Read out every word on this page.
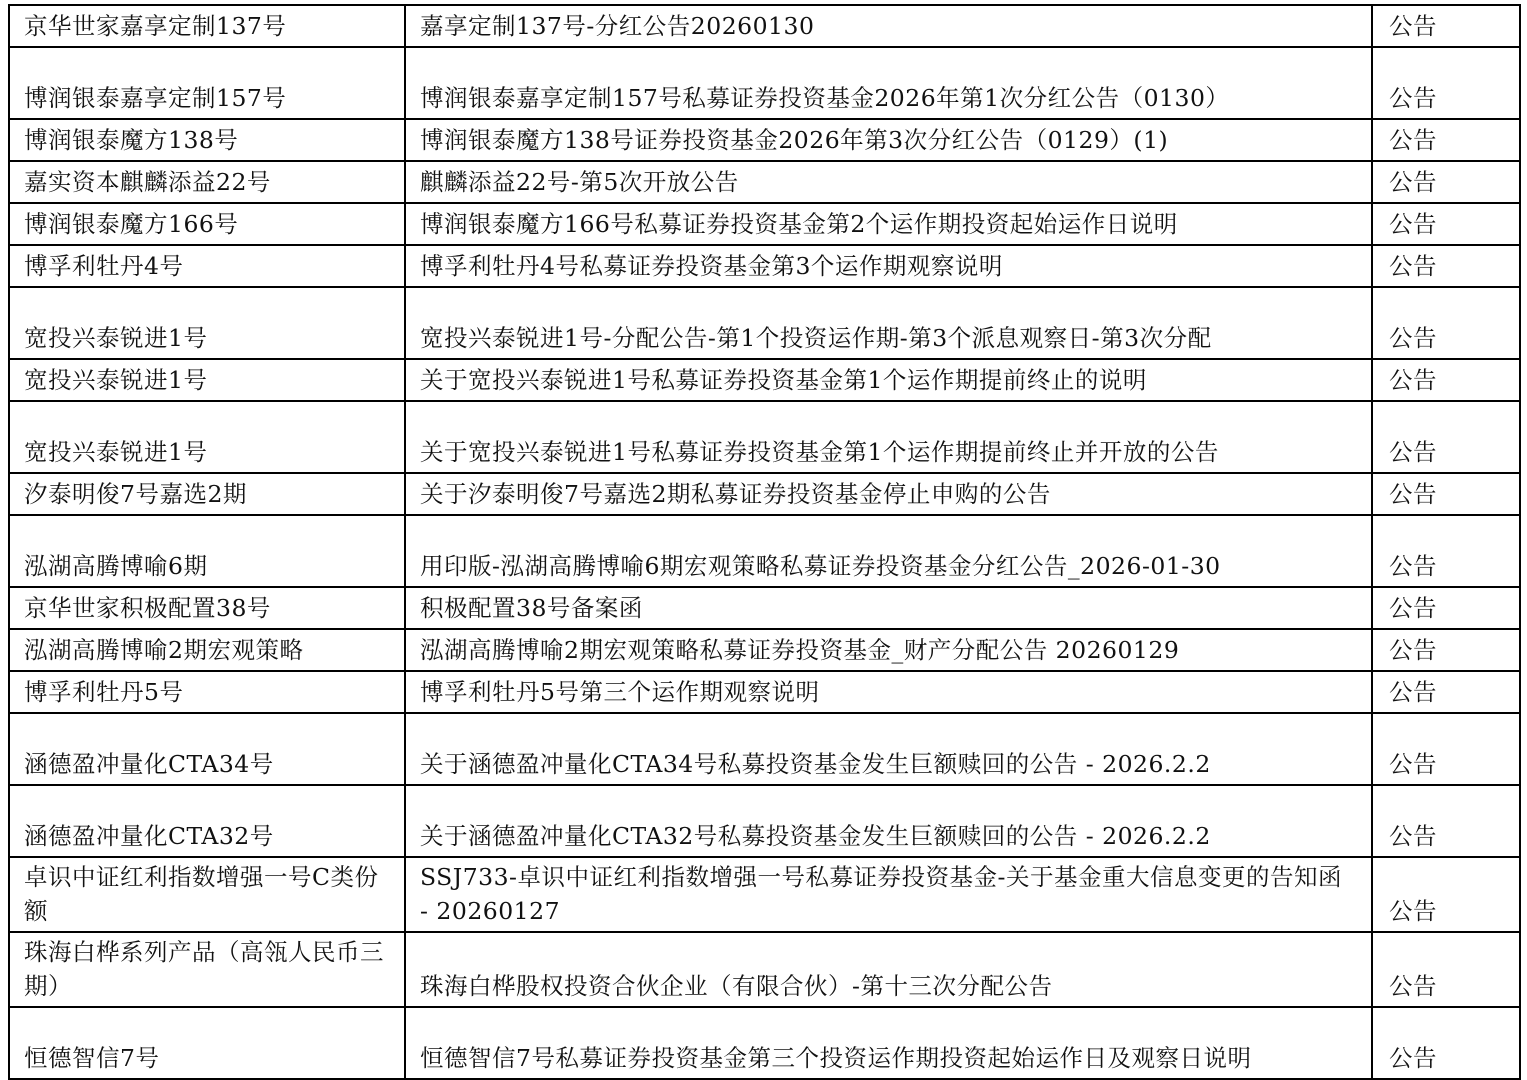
京华世家嘉享定制137号	嘉享定制137号-分红公告20260130	公告
博润银泰嘉享定制157号	博润银泰嘉享定制157号私募证券投资基金2026年第1次分红公告（0130）	公告
博润银泰魔方138号	博润银泰魔方138号证券投资基金2026年第3次分红公告（0129）(1)	公告
嘉实资本麒麟添益22号	麒麟添益22号-第5次开放公告	公告
博润银泰魔方166号	博润银泰魔方166号私募证券投资基金第2个运作期投资起始运作日说明	公告
博孚利牡丹4号	博孚利牡丹4号私募证券投资基金第3个运作期观察说明	公告
宽投兴泰锐进1号	宽投兴泰锐进1号-分配公告-第1个投资运作期-第3个派息观察日-第3次分配	公告
宽投兴泰锐进1号	关于宽投兴泰锐进1号私募证券投资基金第1个运作期提前终止的说明	公告
宽投兴泰锐进1号	关于宽投兴泰锐进1号私募证券投资基金第1个运作期提前终止并开放的公告	公告
汐泰明俊7号嘉选2期	关于汐泰明俊7号嘉选2期私募证券投资基金停止申购的公告	公告
泓湖高腾博喻6期	用印版-泓湖高腾博喻6期宏观策略私募证券投资基金分红公告_2026-01-30	公告
京华世家积极配置38号	积极配置38号备案函	公告
泓湖高腾博喻2期宏观策略	泓湖高腾博喻2期宏观策略私募证券投资基金_财产分配公告 20260129	公告
博孚利牡丹5号	博孚利牡丹5号第三个运作期观察说明	公告
涵德盈冲量化CTA34号	关于涵德盈冲量化CTA34号私募投资基金发生巨额赎回的公告 - 2026.2.2	公告
涵德盈冲量化CTA32号	关于涵德盈冲量化CTA32号私募投资基金发生巨额赎回的公告 - 2026.2.2	公告
卓识中证红利指数增强一号C类份额	SSJ733-卓识中证红利指数增强一号私募证券投资基金-关于基金重大信息变更的告知函 - 20260127	公告
珠海白桦系列产品（高瓴人民币三期）	珠海白桦股权投资合伙企业（有限合伙）-第十三次分配公告	公告
恒德智信7号	恒德智信7号私募证券投资基金第三个投资运作期投资起始运作日及观察日说明	公告
